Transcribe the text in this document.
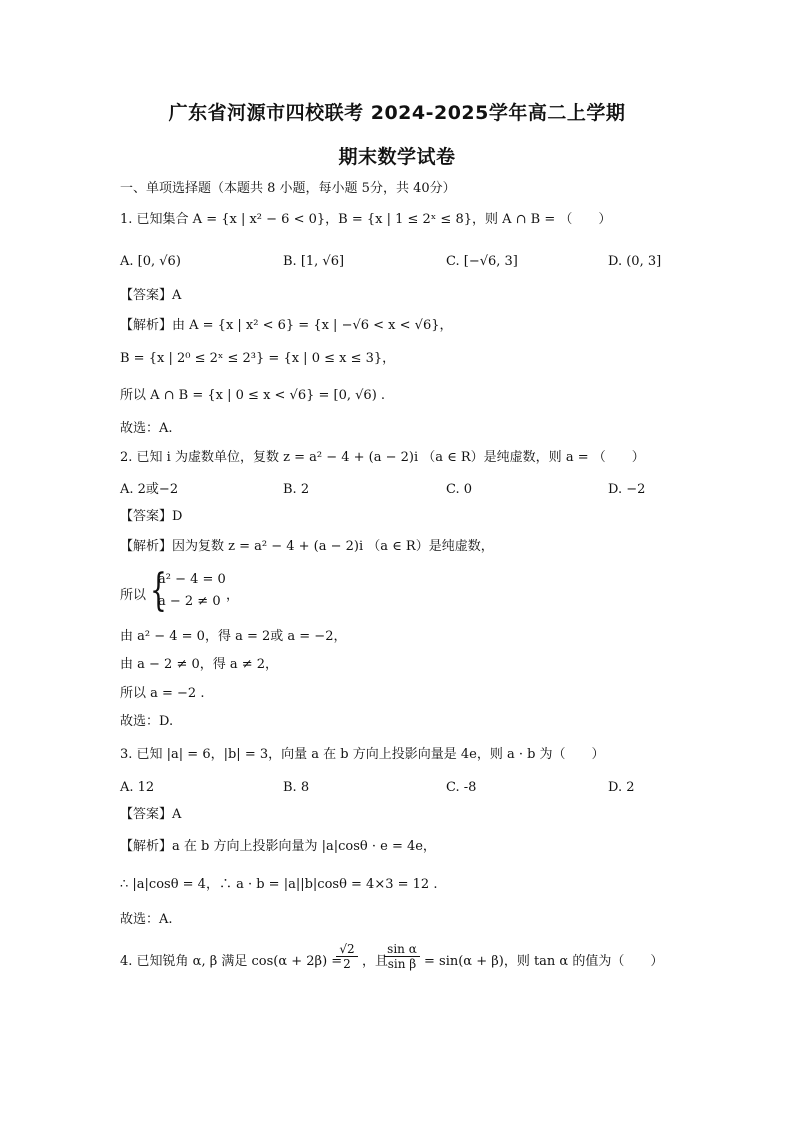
广东省河源市四校联考 2024-2025学年高二上学期
期末数学试卷
一、单项选择题（本题共 8 小题，每小题 5分，共 40分）
1. 已知集合 A = {x | x² − 6 < 0}，B = {x | 1 ≤ 2ˣ ≤ 8}，则 A ∩ B = （　　）
A. [0, √6)	B. [1, √6]	C. [−√6, 3]	D. (0, 3]
【答案】A
【解析】由 A = {x | x² < 6} = {x | −√6 < x < √6}，
B = {x | 2⁰ ≤ 2ˣ ≤ 2³} = {x | 0 ≤ x ≤ 3}，
所以 A ∩ B = {x | 0 ≤ x < √6} = [0, √6) .
故选：A.
2. 已知 i 为虚数单位，复数 z = a² − 4 + (a − 2)i （a ∈ R）是纯虚数，则 a = （　　）
A. 2或−2	B. 2	C. 0	D. −2
【答案】D
【解析】因为复数 z = a² − 4 + (a − 2)i （a ∈ R）是纯虚数，
所以 {
a² − 4 = 0
a − 2 ≠ 0 ，
由 a² − 4 = 0，得 a = 2或 a = −2，
由 a − 2 ≠ 0，得 a ≠ 2，
所以 a = −2 .
故选：D.
3. 已知 |a| = 6，|b| = 3，向量 a 在 b 方向上投影向量是 4e，则 a · b 为（　　）
A. 12	B. 8	C. -8	D. 2
【答案】A
【解析】a 在 b 方向上投影向量为 |a|cosθ · e = 4e，
∴ |a|cosθ = 4，∴ a · b = |a||b|cosθ = 4×3 = 12 .
故选：A.
4. 已知锐角 α, β 满足 cos(α + 2β) =
$\frac{√2}{2}$ ，且
$\frac{\text{sin α}}{\text{sin β}} = \sin(\alpha + \beta)$，则 tan α 的值为（　　）
